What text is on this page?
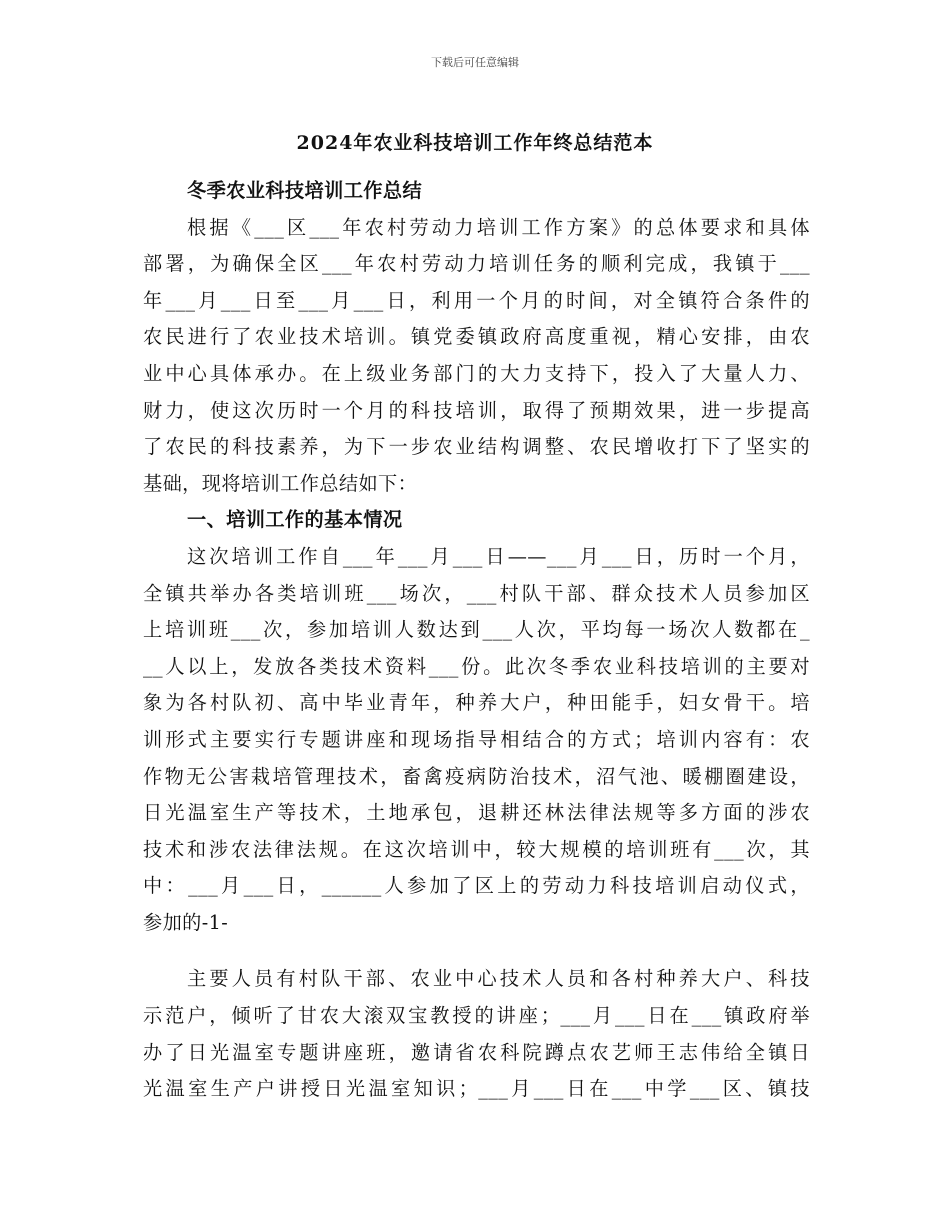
下载后可任意编辑
2024年农业科技培训工作年终总结范本
冬季农业科技培训工作总结
根据《___区___年农村劳动力培训工作方案》的总体要求和具体
部署，为确保全区___年农村劳动力培训任务的顺利完成，我镇于___
年___月___日至___月___日，利用一个月的时间，对全镇符合条件的
农民进行了农业技术培训。镇党委镇政府高度重视，精心安排，由农
业中心具体承办。在上级业务部门的大力支持下，投入了大量人力、
财力，使这次历时一个月的科技培训，取得了预期效果，进一步提高
了农民的科技素养，为下一步农业结构调整、农民增收打下了坚实的
基础，现将培训工作总结如下：
一、培训工作的基本情况
这次培训工作自___年___月___日——___月___日，历时一个月，
全镇共举办各类培训班___场次，___村队干部、群众技术人员参加区
上培训班___次，参加培训人数达到___人次，平均每一场次人数都在_
__人以上，发放各类技术资料___份。此次冬季农业科技培训的主要对
象为各村队初、高中毕业青年，种养大户，种田能手，妇女骨干。培
训形式主要实行专题讲座和现场指导相结合的方式；培训内容有：农
作物无公害栽培管理技术，畜禽疫病防治技术，沼气池、暖棚圈建设，
日光温室生产等技术，土地承包，退耕还林法律法规等多方面的涉农
技术和涉农法律法规。在这次培训中，较大规模的培训班有___次，其
中：___月___日，______人参加了区上的劳动力科技培训启动仪式，
参加的-1-
主要人员有村队干部、农业中心技术人员和各村种养大户、科技
示范户，倾听了甘农大滚双宝教授的讲座；___月___日在___镇政府举
办了日光温室专题讲座班，邀请省农科院蹲点农艺师王志伟给全镇日
光温室生产户讲授日光温室知识；___月___日在___中学___区、镇技
